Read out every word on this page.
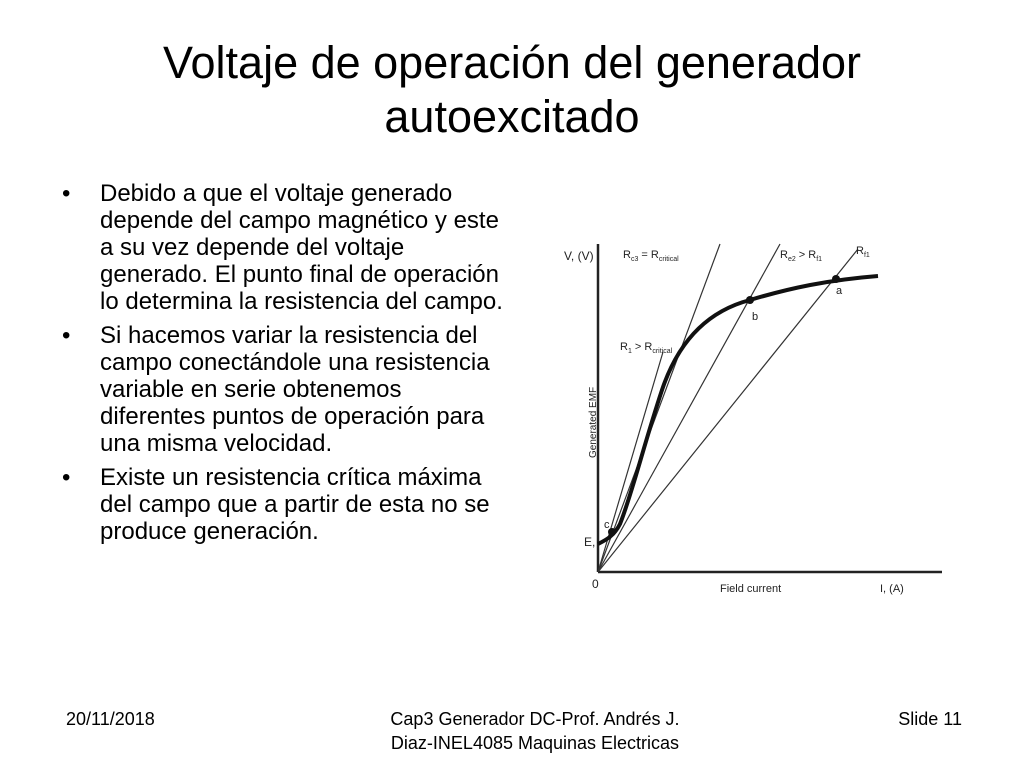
Voltaje de operación del generador
autoexcitado
• Debido a que el voltaje generado depende del campo magnético y este a su vez depende del voltaje generado. El punto final de operación lo determina la resistencia del campo.
• Si hacemos variar la resistencia del campo conectándole una resistencia variable en serie obtenemos diferentes puntos de operación para una misma velocidad.
• Existe un resistencia crítica máxima del campo que a partir de esta no se produce generación.
V, (V)
Generated EMF
Field current	I, (A)
0
E,
c
b
a
$R_{c3} = R_{critical}$
$R_1 > R_{critical}$
$R_{e2} > R_{f1}$
$R_{f1}$
20/11/2018	Cap3 Generador DC-Prof. Andrés J.
Diaz-INEL4085 Maquinas Electricas
Slide 11
